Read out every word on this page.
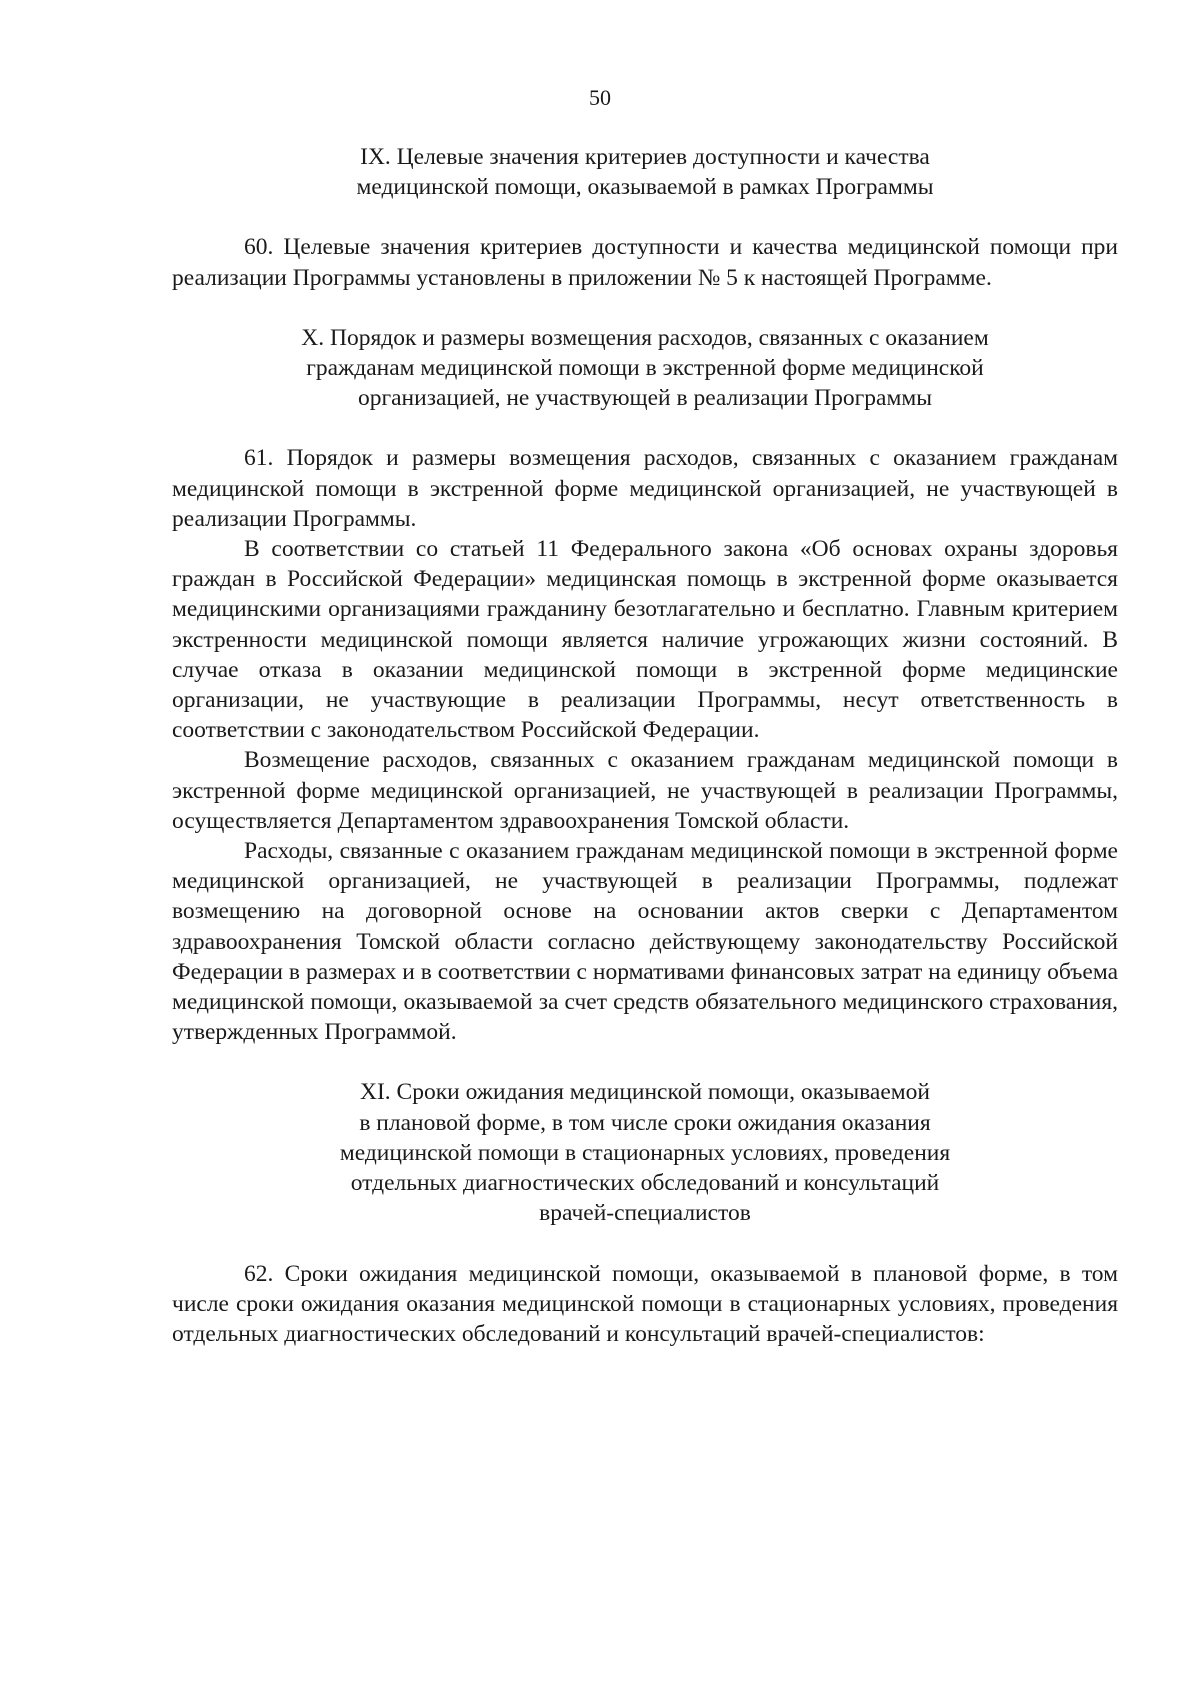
50
IX. Целевые значения критериев доступности и качества
медицинской помощи, оказываемой в рамках Программы

60. Целевые значения критериев доступности и качества медицинской помощи при реализации Программы установлены в приложении № 5 к настоящей Программе.

X. Порядок и размеры возмещения расходов, связанных с оказанием
гражданам медицинской помощи в экстренной форме медицинской
организацией, не участвующей в реализации Программы

61. Порядок и размеры возмещения расходов, связанных с оказанием гражданам медицинской помощи в экстренной форме медицинской организацией, не участвующей в реализации Программы.

В соответствии со статьей 11 Федерального закона «Об основах охраны здоровья граждан в Российской Федерации» медицинская помощь в экстренной форме оказывается медицинскими организациями гражданину безотлагательно и бесплатно. Главным критерием экстренности медицинской помощи является наличие угрожающих жизни состояний. В случае отказа в оказании медицинской помощи в экстренной форме медицинские организации, не участвующие в реализации Программы, несут ответственность в соответствии с законодательством Российской Федерации.

Возмещение расходов, связанных с оказанием гражданам медицинской помощи в экстренной форме медицинской организацией, не участвующей в реализации Программы, осуществляется Департаментом здравоохранения Томской области.

Расходы, связанные с оказанием гражданам медицинской помощи в экстренной форме медицинской организацией, не участвующей в реализации Программы, подлежат возмещению на договорной основе на основании актов сверки с Департаментом здравоохранения Томской области согласно действующему законодательству Российской Федерации в размерах и в соответствии с нормативами финансовых затрат на единицу объема медицинской помощи, оказываемой за счет средств обязательного медицинского страхования, утвержденных Программой.

XI. Сроки ожидания медицинской помощи, оказываемой
в плановой форме, в том числе сроки ожидания оказания
медицинской помощи в стационарных условиях, проведения
отдельных диагностических обследований и консультаций
врачей-специалистов

62. Сроки ожидания медицинской помощи, оказываемой в плановой форме, в том числе сроки ожидания оказания медицинской помощи в стационарных условиях, проведения отдельных диагностических обследований и консультаций врачей-специалистов:
